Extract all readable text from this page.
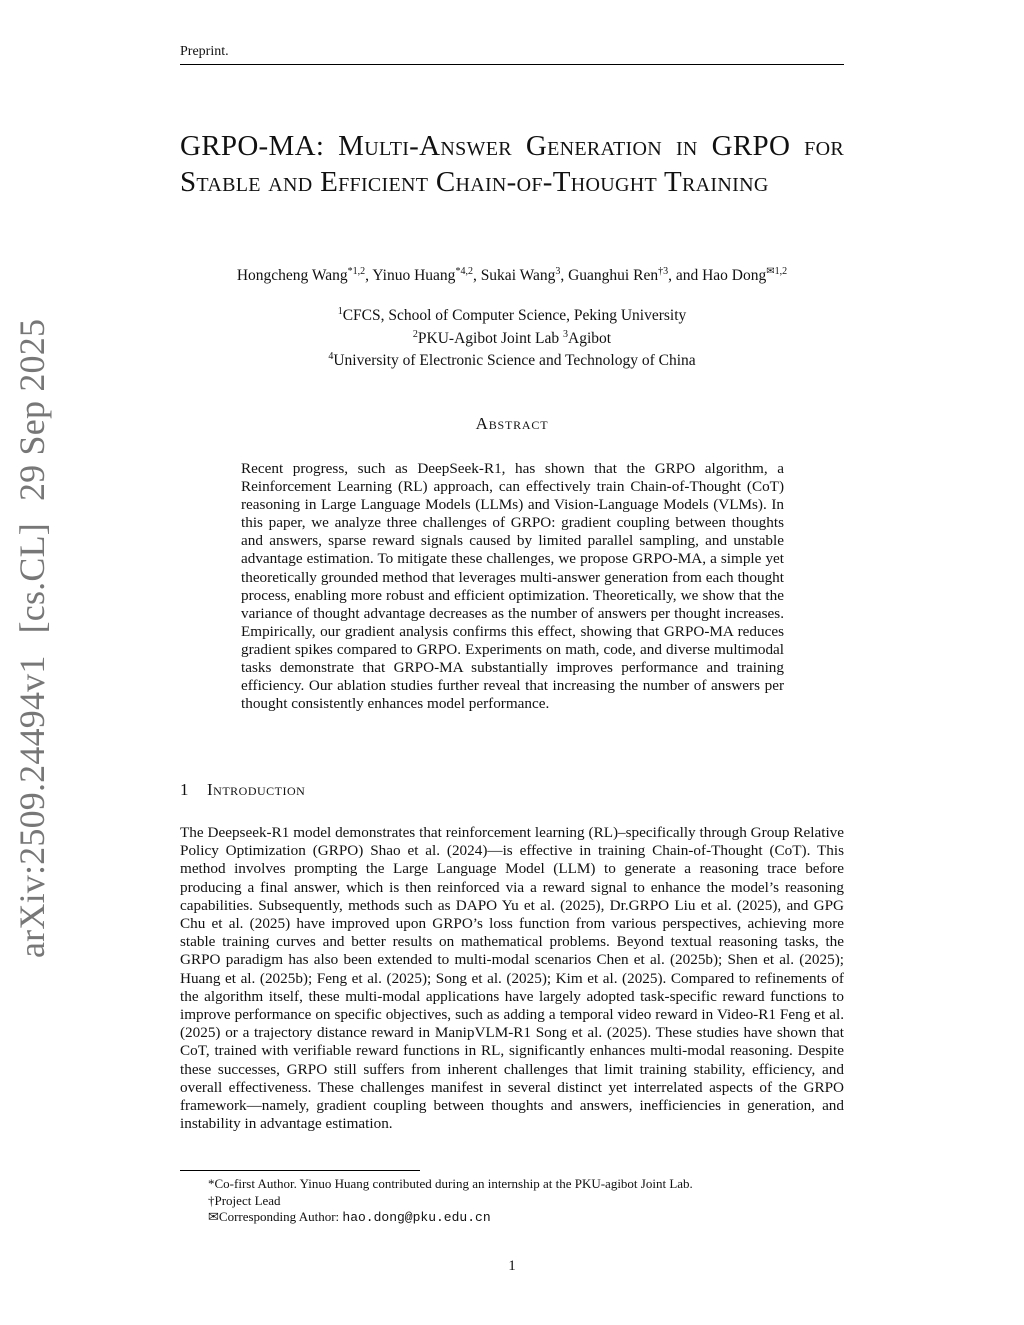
Preprint.
arXiv:2509.24494v1[cs.CL]29 Sep 2025
GRPO-MA: Multi-Answer Generation in GRPO for Stable and Efficient Chain-of-Thought Training
Hongcheng Wang$^{*1,2}$, Yinuo Huang$^{*4,2}$, Sukai Wang$^3$, Guanghui Ren$^{\dagger 3}$, and Hao Dong$^{✉1,2}$
$^1$CFCS, School of Computer Science, Peking University
$^2$PKU-Agibot Joint Lab $^3$Agibot
$^4$University of Electronic Science and Technology of China
Abstract
Recent progress, such as DeepSeek-R1, has shown that the GRPO algorithm, a Reinforcement Learning (RL) approach, can effectively train Chain-of-Thought (CoT) reasoning in Large Language Models (LLMs) and Vision-Language Models (VLMs). In this paper, we analyze three challenges of GRPO: gradient coupling between thoughts and answers, sparse reward signals caused by limited parallel sampling, and unstable advantage estimation. To mitigate these challenges, we propose GRPO-MA, a simple yet theoretically grounded method that leverages multi-answer generation from each thought process, enabling more robust and efficient optimization. Theoretically, we show that the variance of thought advantage decreases as the number of answers per thought increases. Empirically, our gradient analysis confirms this effect, showing that GRPO-MA reduces gradient spikes compared to GRPO. Experiments on math, code, and diverse multimodal tasks demonstrate that GRPO-MA substantially improves performance and training efficiency. Our ablation studies further reveal that increasing the number of answers per thought consistently enhances model performance.
1 Introduction
The Deepseek-R1 model demonstrates that reinforcement learning (RL)–specifically through Group Relative Policy Optimization (GRPO) Shao et al. (2024)—is effective in training Chain-of-Thought (CoT). This method involves prompting the Large Language Model (LLM) to generate a reasoning trace before producing a final answer, which is then reinforced via a reward signal to enhance the model’s reasoning capabilities. Subsequently, methods such as DAPO Yu et al. (2025), Dr.GRPO Liu et al. (2025), and GPG Chu et al. (2025) have improved upon GRPO’s loss function from various perspectives, achieving more stable training curves and better results on mathematical problems. Beyond textual reasoning tasks, the GRPO paradigm has also been extended to multi-modal scenarios Chen et al. (2025b); Shen et al. (2025); Huang et al. (2025b); Feng et al. (2025); Song et al. (2025); Kim et al. (2025). Compared to refinements of the algorithm itself, these multi-modal applications have largely adopted task-specific reward functions to improve performance on specific objectives, such as adding a temporal video reward in Video-R1 Feng et al. (2025) or a trajectory distance reward in ManipVLM-R1 Song et al. (2025). These studies have shown that CoT, trained with verifiable reward functions in RL, significantly enhances multi-modal reasoning. Despite these successes, GRPO still suffers from inherent challenges that limit training stability, efficiency, and overall effectiveness. These challenges manifest in several distinct yet interrelated aspects of the GRPO framework—namely, gradient coupling between thoughts and answers, inefficiencies in generation, and instability in advantage estimation.
*Co-first Author. Yinuo Huang contributed during an internship at the PKU-agibot Joint Lab.
†Project Lead
✉Corresponding Author: hao.dong@pku.edu.cn
1
